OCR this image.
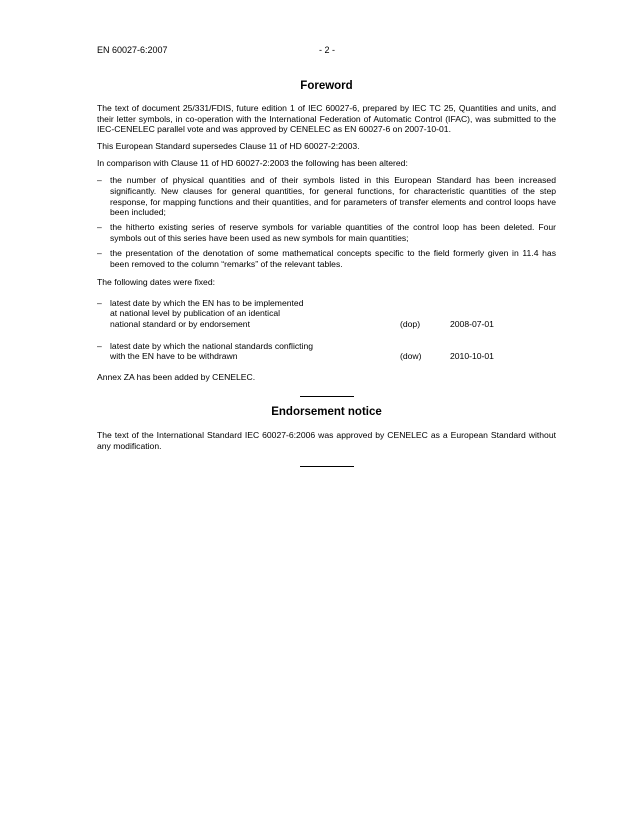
EN 60027-6:2007	- 2 -
Foreword

The text of document 25/331/FDIS, future edition 1 of IEC 60027-6, prepared by IEC TC 25, Quantities and units, and their letter symbols, in co-operation with the International Federation of Automatic Control (IFAC), was submitted to the IEC-CENELEC parallel vote and was approved by CENELEC as EN 60027-6 on 2007-10-01.

This European Standard supersedes Clause 11 of HD 60027-2:2003.

In comparison with Clause 11 of HD 60027-2:2003 the following has been altered:

– the number of physical quantities and of their symbols listed in this European Standard has been increased significantly. New clauses for general quantities, for general functions, for characteristic quantities of the step response, for mapping functions and their quantities, and for parameters of transfer elements and control loops have been included;
– the hitherto existing series of reserve symbols for variable quantities of the control loop has been deleted. Four symbols out of this series have been used as new symbols for main quantities;
– the presentation of the denotation of some mathematical concepts specific to the field formerly given in 11.4 has been removed to the column “remarks” of the relevant tables.

The following dates were fixed:

– latest date by which the EN has to be implemented
at national level by publication of an identical
national standard or by endorsement	(dop)	2008-07-01
– latest date by which the national standards conflicting
with the EN have to be withdrawn	(dow)	2010-10-01

Annex ZA has been added by CENELEC.

Endorsement notice

The text of the International Standard IEC 60027-6:2006 was approved by CENELEC as a European Standard without any modification.
